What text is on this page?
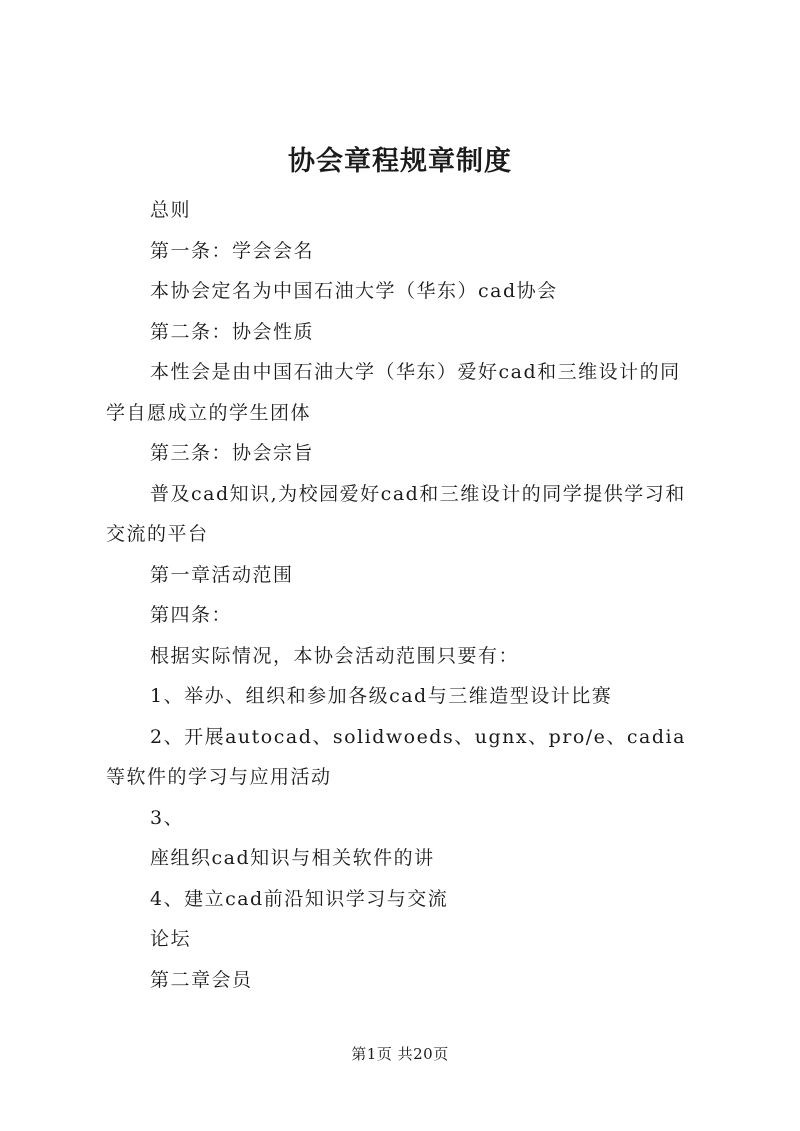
协会章程规章制度

总则

第一条：学会会名

本协会定名为中国石油大学（华东）cad协会

第二条：协会性质

本性会是由中国石油大学（华东）爱好cad和三维设计的同学自愿成立的学生团体

第三条：协会宗旨

普及cad知识,为校园爱好cad和三维设计的同学提供学习和交流的平台

第一章活动范围

第四条：

根据实际情况，本协会活动范围只要有：

1、举办、组织和参加各级cad与三维造型设计比赛

2、开展autocad、solidwoeds、ugnx、pro/e、cadia等软件的学习与应用活动

3、

座组织cad知识与相关软件的讲

4、建立cad前沿知识学习与交流

论坛

第二章会员

第1页 共20页
